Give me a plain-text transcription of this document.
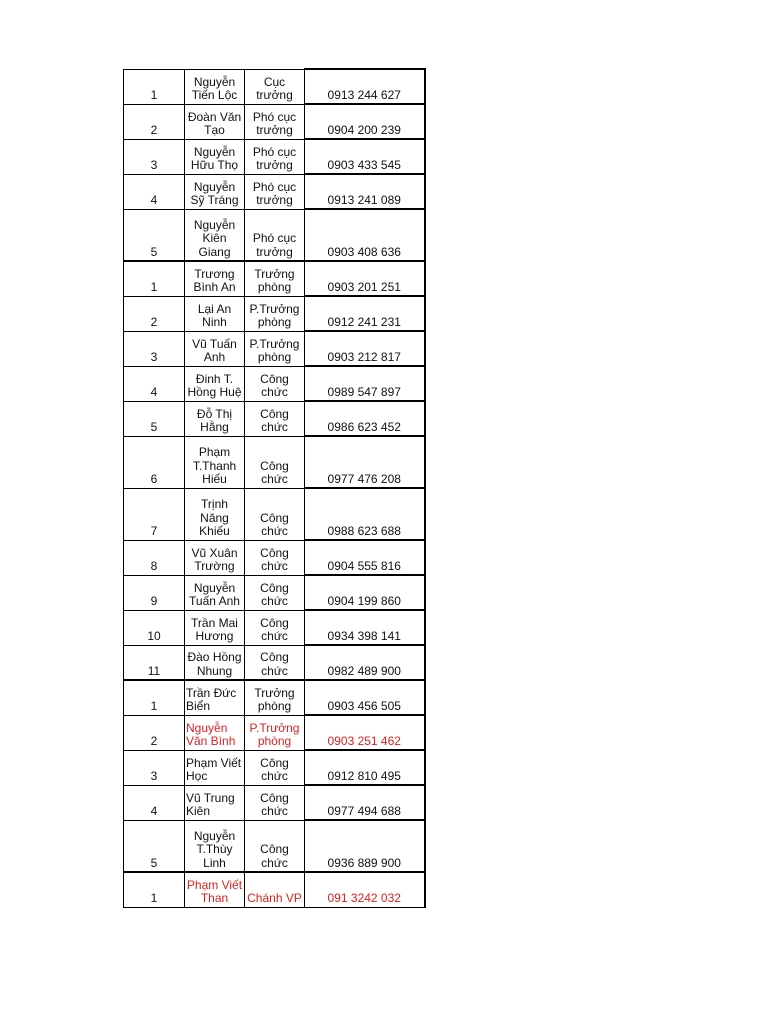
1	Nguyễn Tiến Lộc	Cục trưởng	0913 244 627
2	Đoàn Văn Tạo	Phó cục trưởng	0904 200 239
3	Nguyễn Hữu Thọ	Phó cục trưởng	0903 433 545
4	Nguyễn Sỹ Tráng	Phó cục trưởng	0913 241 089
5	Nguyễn Kiên Giang	Phó cục trưởng	0903 408 636
1	Trương Bình An	Trưởng phòng	0903 201 251
2	Lại An Ninh	P.Trưởng phòng	0912 241 231
3	Vũ Tuấn Anh	P.Trưởng phòng	0903 212 817
4	Đinh T. Hồng Huệ	Công chức	0989 547 897
5	Đỗ Thị Hằng	Công chức	0986 623 452
6	Phạm T.Thanh Hiếu	Công chức	0977 476 208
7	Trịnh Năng Khiếu	Công chức	0988 623 688
8	Vũ Xuân Trường	Công chức	0904 555 816
9	Nguyễn Tuấn Anh	Công chức	0904 199 860
10	Trần Mai Hương	Công chức	0934 398 141
11	Đào Hồng Nhung	Công chức	0982 489 900
1	Trần Đức Biển	Trưởng phòng	0903 456 505
2	Nguyễn Văn Bình	P.Trưởng phòng	0903 251 462
3	Phạm Viết Học	Công chức	0912 810 495
4	Vũ Trung Kiên	Công chức	0977 494 688
5	Nguyễn T.Thùy Linh	Công chức	0936 889 900
1	Phạm Viết Than	Chánh VP	091 3242 032
